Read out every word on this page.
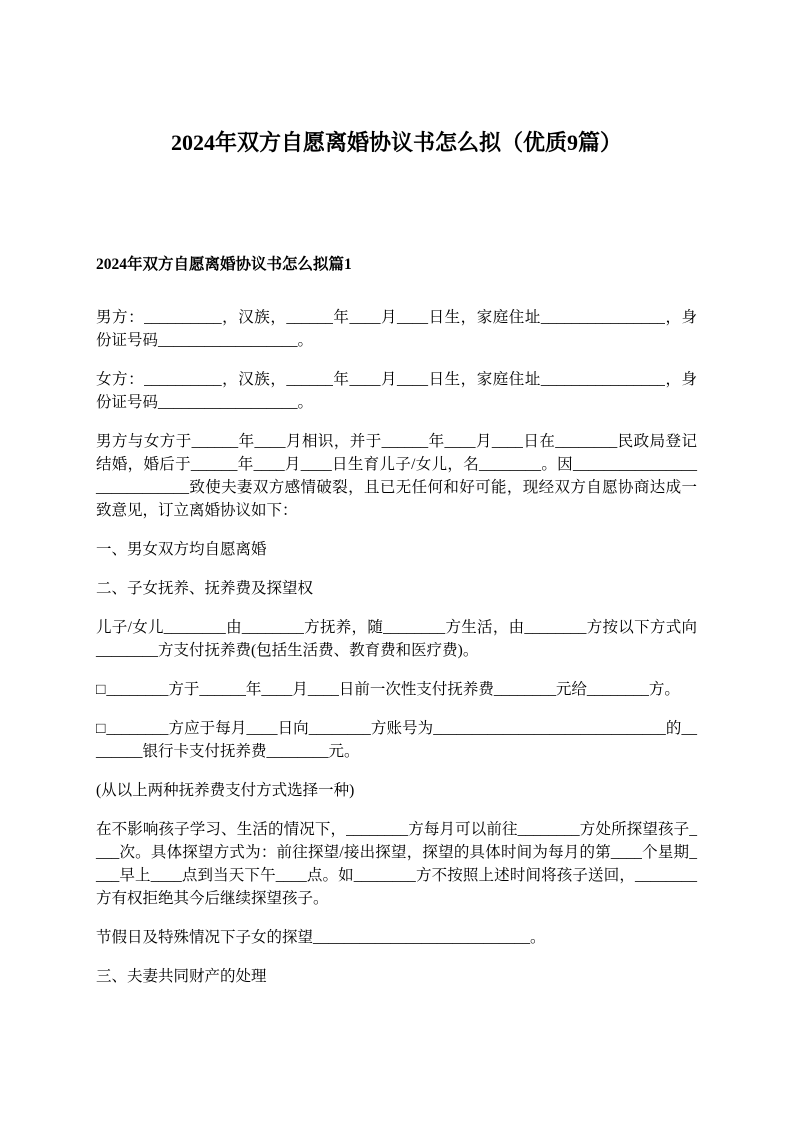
2024年双方自愿离婚协议书怎么拟（优质9篇）
2024年双方自愿离婚协议书怎么拟篇1

男方：__________，汉族，______年____月____日生，家庭住址________________，身份证号码__________________。

女方：__________，汉族，______年____月____日生，家庭住址________________，身份证号码__________________。

男方与女方于______年____月相识，并于______年____月____日在________民政局登记结婚，婚后于______年____月____日生育儿子/女儿，名________。因____________________________致使夫妻双方感情破裂，且已无任何和好可能，现经双方自愿协商达成一致意见，订立离婚协议如下：

一、男女双方均自愿离婚

二、子女抚养、抚养费及探望权

儿子/女儿________由________方抚养，随________方生活，由________方按以下方式向________方支付抚养费(包括生活费、教育费和医疗费)。

□________方于______年____月____日前一次性支付抚养费________元给________方。

□________方应于每月____日向________方账号为______________________________的________银行卡支付抚养费________元。

(从以上两种抚养费支付方式选择一种)

在不影响孩子学习、生活的情况下，________方每月可以前往________方处所探望孩子____次。具体探望方式为：前往探望/接出探望，探望的具体时间为每月的第____个星期____早上____点到当天下午____点。如________方不按照上述时间将孩子送回，________方有权拒绝其今后继续探望孩子。

节假日及特殊情况下子女的探望____________________________。

三、夫妻共同财产的处理
